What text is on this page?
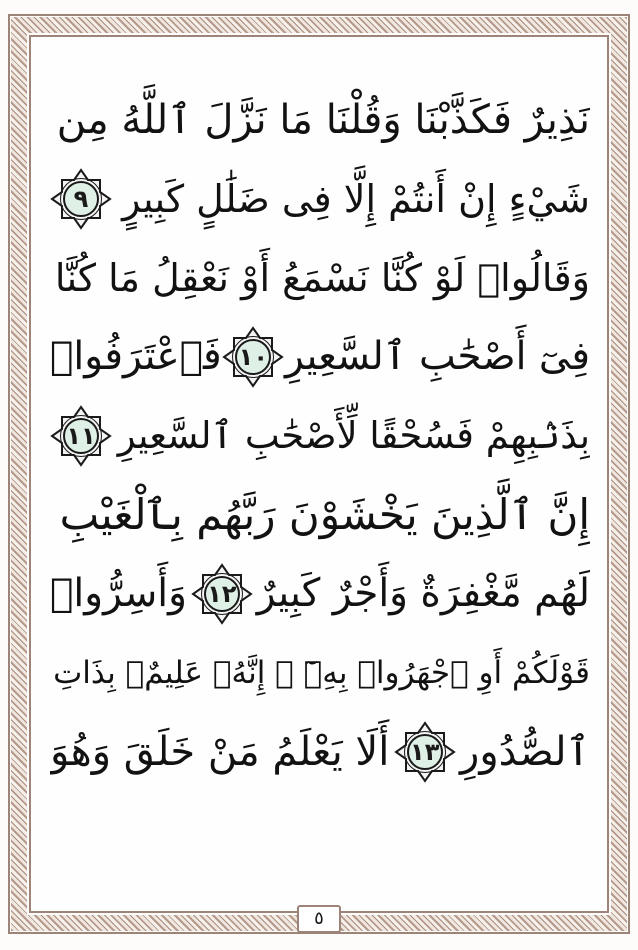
نَذِيرٌ فَكَذَّبْنَا وَقُلْنَا مَا نَزَّلَ ٱللَّهُ مِن
شَيْءٍ إِنْ أَنتُمْ إِلَّا فِى ضَلَٰلٍ كَبِيرٍ
٩
وَقَالُوا۟ لَوْ كُنَّا نَسْمَعُ أَوْ نَعْقِلُ مَا كُنَّا
فِىٓ أَصْحَٰبِ ٱلسَّعِيرِ
١٠
فَٱعْتَرَفُوا۟
بِذَنۢبِهِمْ فَسُحْقًا لِّأَصْحَٰبِ ٱلسَّعِيرِ
١١
إِنَّ ٱلَّذِينَ يَخْشَوْنَ رَبَّهُم بِٱلْغَيْبِ
لَهُم مَّغْفِرَةٌ وَأَجْرٌ كَبِيرٌ
١٢
وَأَسِرُّوا۟
قَوْلَكُمْ أَوِ ٱجْهَرُوا۟ بِهِۦٓ ۖ إِنَّهُۥ عَلِيمٌۢ بِذَاتِ
ٱلصُّدُورِ
١٣
أَلَا يَعْلَمُ مَنْ خَلَقَ وَهُوَ
٥
